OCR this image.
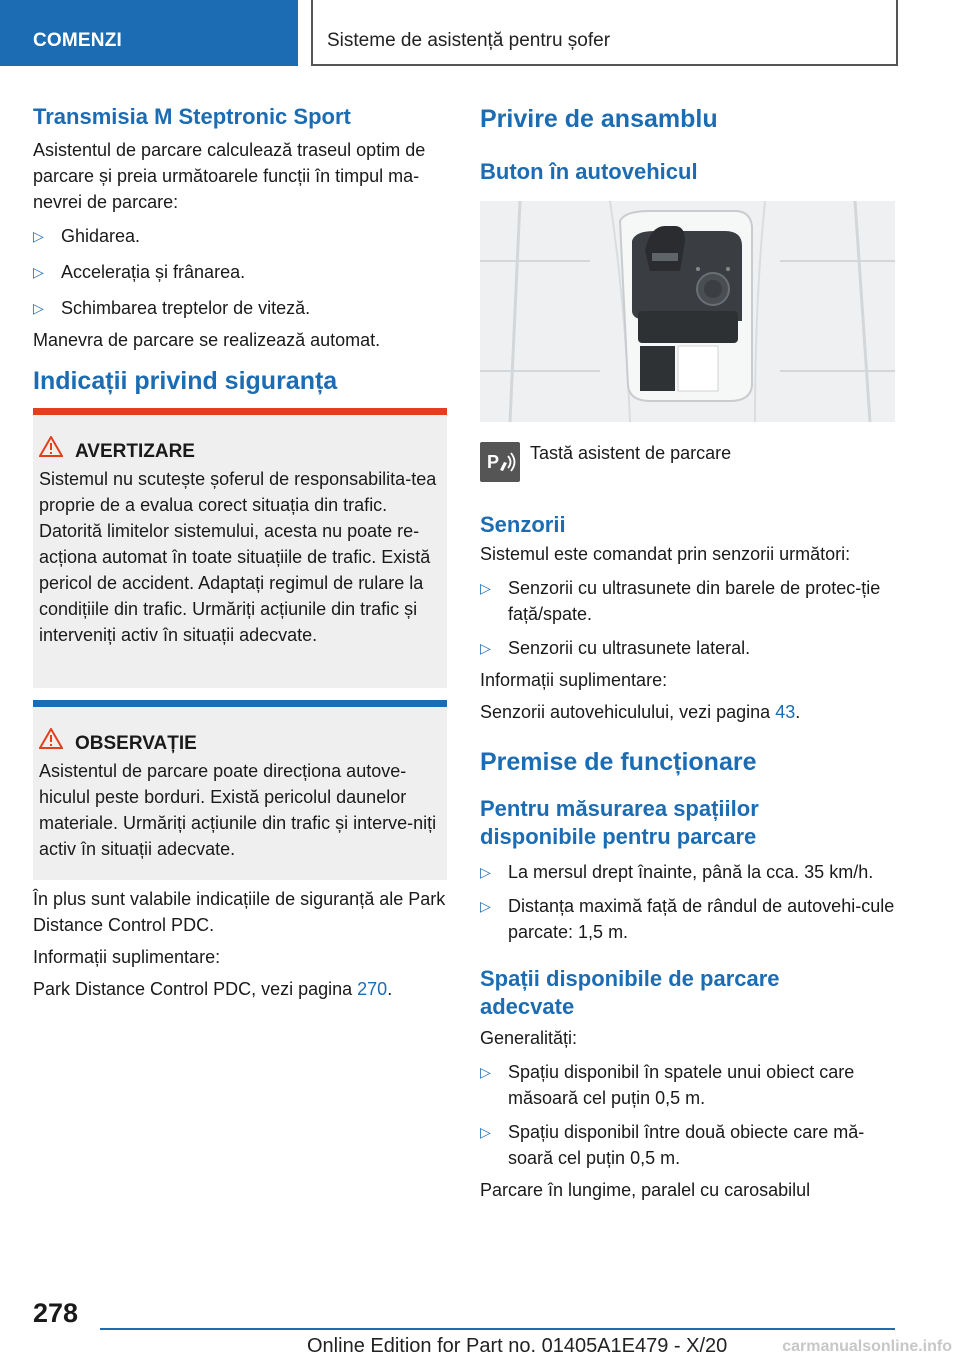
COMENZI	Sisteme de asistență pentru șofer
Transmisia M Steptronic Sport

Asistentul de parcare calculează traseul optim de parcare și preia următoarele funcții în timpul ma-nevrei de parcare:

▷ Ghidarea.
▷ Accelerația și frânarea.
▷ Schimbarea treptelor de viteză.

Manevra de parcare se realizează automat.

Indicații privind siguranța
AVERTIZARE

Sistemul nu scutește șoferul de responsabilita-tea proprie de a evalua corect situația din trafic. Datorită limitelor sistemului, acesta nu poate re-acționa automat în toate situațiile de trafic. Există pericol de accident. Adaptați regimul de rulare la condițiile din trafic. Urmăriți acțiunile din trafic și interveniți activ în situații adecvate.

OBSERVAȚIE

Asistentul de parcare poate direcționa autove-hiculul peste borduri. Există pericolul daunelor materiale. Urmăriți acțiunile din trafic și interve-niți activ în situații adecvate.

În plus sunt valabile indicațiile de siguranță ale Park Distance Control PDC.

Informații suplimentare:

Park Distance Control PDC, vezi pagina 270.

Privire de ansamblu
Buton în autovehicul
P Tastă asistent de parcare

Senzorii

Sistemul este comandat prin senzorii următori:

▷ Senzorii cu ultrasunete din barele de protec-ție față/spate.
▷ Senzorii cu ultrasunete lateral.

Informații suplimentare:

Senzorii autovehiculului, vezi pagina 43.

Premise de funcționare
Pentru măsurarea spațiilor disponibile pentru parcare
▷ La mersul drept înainte, până la cca. 35 km/h.
▷ Distanța maximă față de rândul de autovehi-cule parcate: 1,5 m.
Spații disponibile de parcare adecvate

Generalități:

▷ Spațiu disponibil în spatele unui obiect care măsoară cel puțin 0,5 m.
▷ Spațiu disponibil între două obiecte care mă-soară cel puțin 0,5 m.

Parcare în lungime, paralel cu carosabilul

278
Online Edition for Part no. 01405A1E479 - X/20	carmanualsonline.info
